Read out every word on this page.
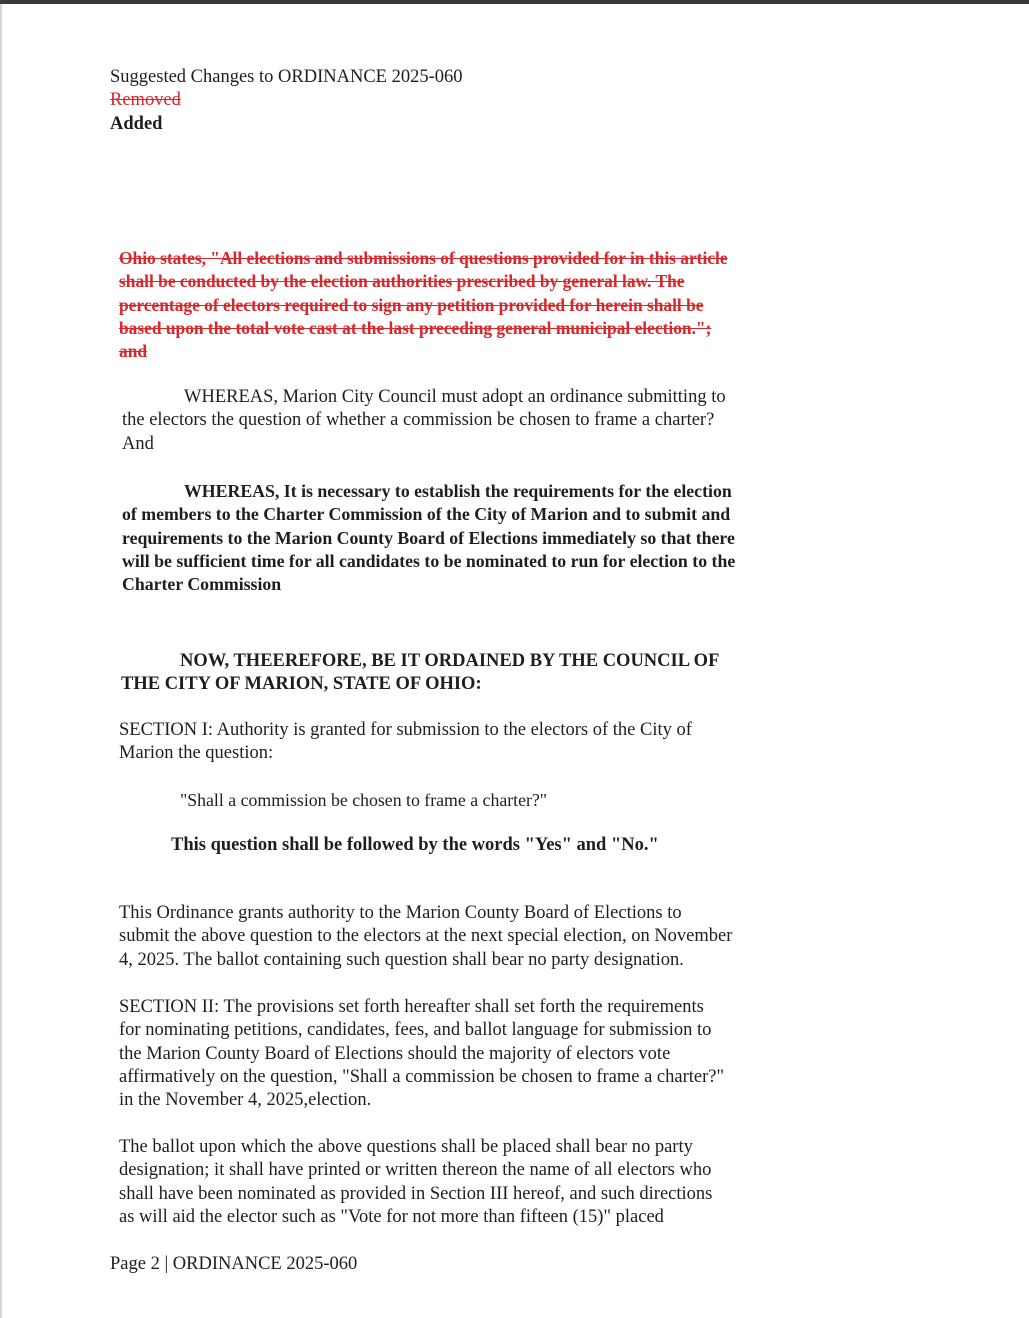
Suggested Changes to ORDINANCE 2025-060
Removed
Added
Ohio states, "All elections and submissions of questions provided for in this article
shall be conducted by the election authorities prescribed by general law. The
percentage of electors required to sign any petition provided for herein shall be
based upon the total vote cast at the last preceding general municipal election.";
and
WHEREAS, Marion City Council must adopt an ordinance submitting to
the electors the question of whether a commission be chosen to frame a charter?
And
WHEREAS, It is necessary to establish the requirements for the election
of members to the Charter Commission of the City of Marion and to submit and
requirements to the Marion County Board of Elections immediately so that there
will be sufficient time for all candidates to be nominated to run for election to the
Charter Commission
NOW, THEEREFORE, BE IT ORDAINED BY THE COUNCIL OF
THE CITY OF MARION, STATE OF OHIO:
SECTION I: Authority is granted for submission to the electors of the City of
Marion the question:
"Shall a commission be chosen to frame a charter?"
This question shall be followed by the words "Yes" and "No."
This Ordinance grants authority to the Marion County Board of Elections to
submit the above question to the electors at the next special election, on November
4, 2025. The ballot containing such question shall bear no party designation.
SECTION II: The provisions set forth hereafter shall set forth the requirements
for nominating petitions, candidates, fees, and ballot language for submission to
the Marion County Board of Elections should the majority of electors vote
affirmatively on the question, "Shall a commission be chosen to frame a charter?"
in the November 4, 2025,election.
The ballot upon which the above questions shall be placed shall bear no party
designation; it shall have printed or written thereon the name of all electors who
shall have been nominated as provided in Section III hereof, and such directions
as will aid the elector such as "Vote for not more than fifteen (15)" placed
Page 2 | ORDINANCE 2025-060
